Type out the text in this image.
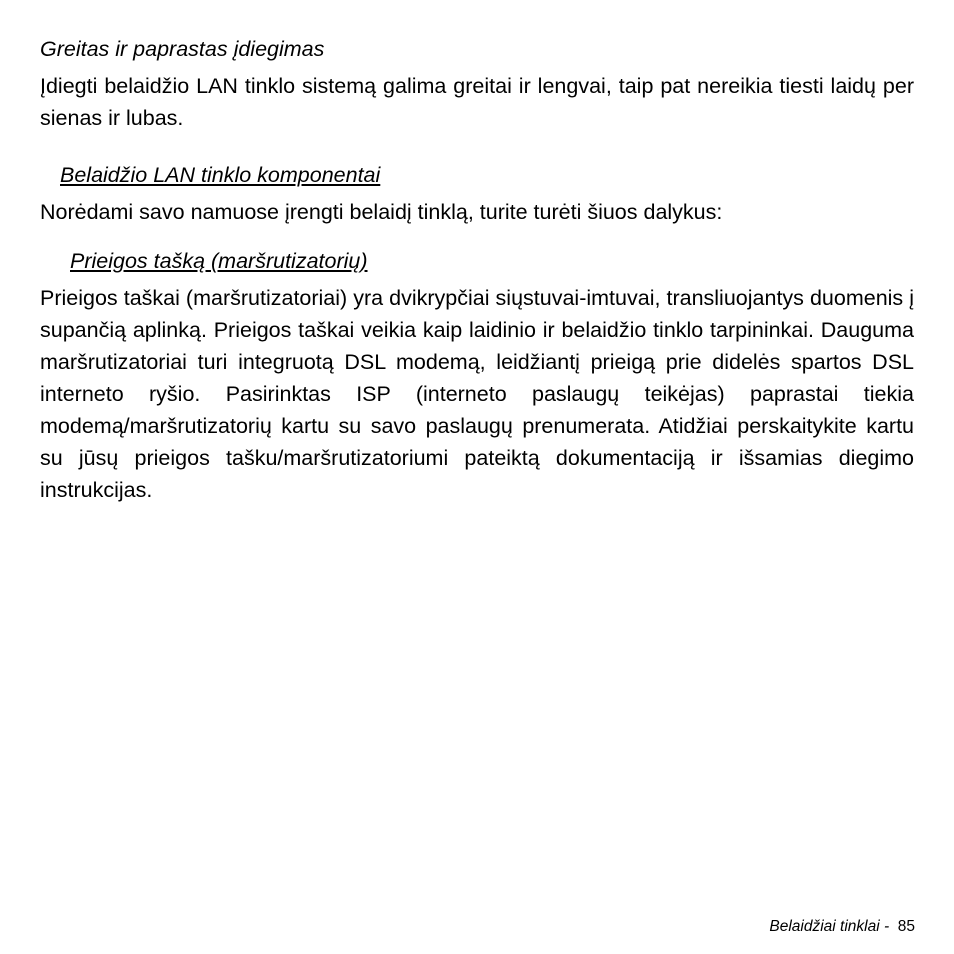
Greitas ir paprastas įdiegimas

Įdiegti belaidžio LAN tinklo sistemą galima greitai ir lengvai, taip pat nereikia tiesti laidų per sienas ir lubas.

Belaidžio LAN tinklo komponentai

Norėdami savo namuose įrengti belaidį tinklą, turite turėti šiuos dalykus:

Prieigos tašką (maršrutizatorių)

Prieigos taškai (maršrutizatoriai) yra dvikrypčiai siųstuvai-imtuvai, transliuojantys duomenis į supančią aplinką. Prieigos taškai veikia kaip laidinio ir belaidžio tinklo tarpininkai. Dauguma maršrutizatoriai turi integruotą DSL modemą, leidžiantį prieigą prie didelės spartos DSL interneto ryšio. Pasirinktas ISP (interneto paslaugų teikėjas) paprastai tiekia modemą/maršrutizatorių kartu su savo paslaugų prenumerata. Atidžiai perskaitykite kartu su jūsų prieigos tašku/maršrutizatoriumi pateiktą dokumentaciją ir išsamias diegimo instrukcijas.

Belaidžiai tinklai - 85
